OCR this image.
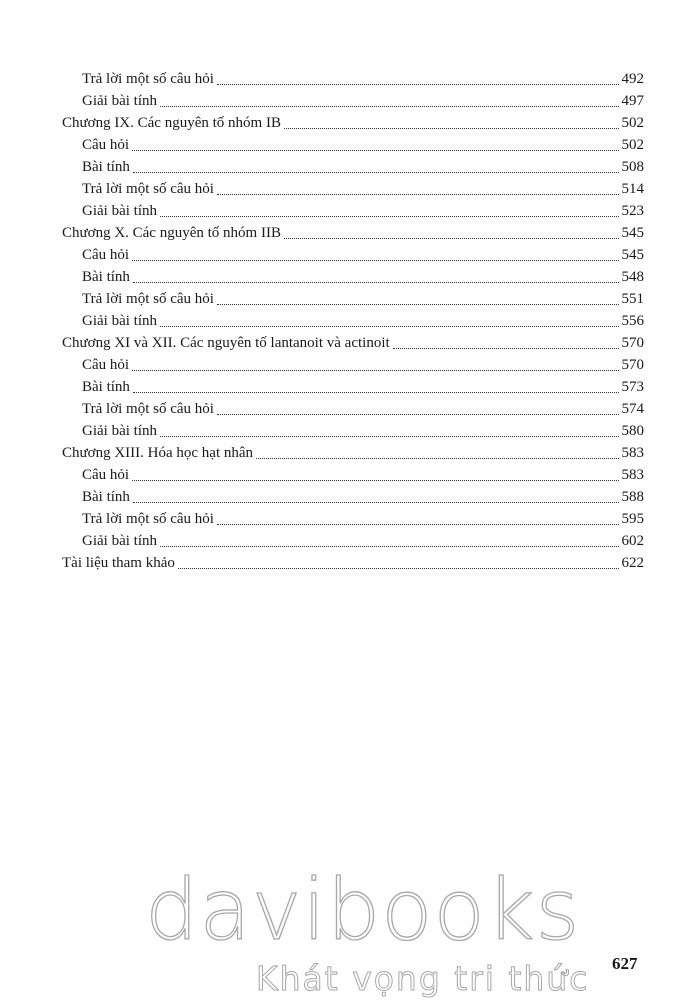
Trả lời một số câu hỏi	492
Giải bài tính	497
Chương IX. Các nguyên tố nhóm IB	502
Câu hỏi	502
Bài tính	508
Trả lời một số câu hỏi	514
Giải bài tính	523
Chương X. Các nguyên tố nhóm IIB	545
Câu hỏi	545
Bài tính	548
Trả lời một số câu hỏi	551
Giải bài tính	556
Chương XI và XII. Các nguyên tố lantanoit và actinoit	570
Câu hỏi	570
Bài tính	573
Trả lời một số câu hỏi	574
Giải bài tính	580
Chương XIII. Hóa học hạt nhân	583
Câu hỏi	583
Bài tính	588
Trả lời một số câu hỏi	595
Giải bài tính	602
Tài liệu tham khảo	622
davibooks
Khát vọng tri thức 627
